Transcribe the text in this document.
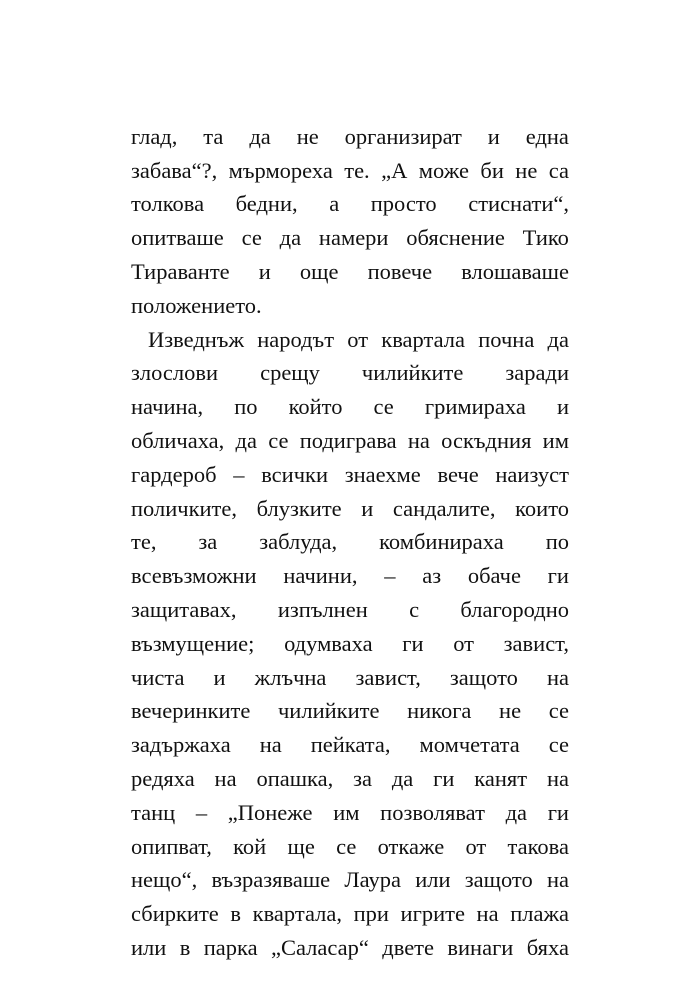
глад, та да не организират и една
забава“?, мърмореха те. „А може би не са
толкова бедни, а просто стиснати“,
опитваше се да намери обяснение Тико
Тираванте и още повече влошаваше
положението.
Изведнъж народът от квартала почна да
злослови срещу чилийките заради
начина, по който се гримираха и
обличаха, да се подиграва на оскъдния им
гардероб – всички знаехме вече наизуст
поличките, блузките и сандалите, които
те, за заблуда, комбинираха по
всевъзможни начини, – аз обаче ги
защитавах, изпълнен с благородно
възмущение; одумваха ги от завист,
чиста и жлъчна завист, защото на
вечеринките чилийките никога не се
задържаха на пейката, момчетата се
редяха на опашка, за да ги канят на
танц – „Понеже им позволяват да ги
опипват, кой ще се откаже от такова
нещо“, възразяваше Лаура или защото на
сбирките в квартала, при игрите на плажа
или в парка „Саласар“ двете винаги бяха
